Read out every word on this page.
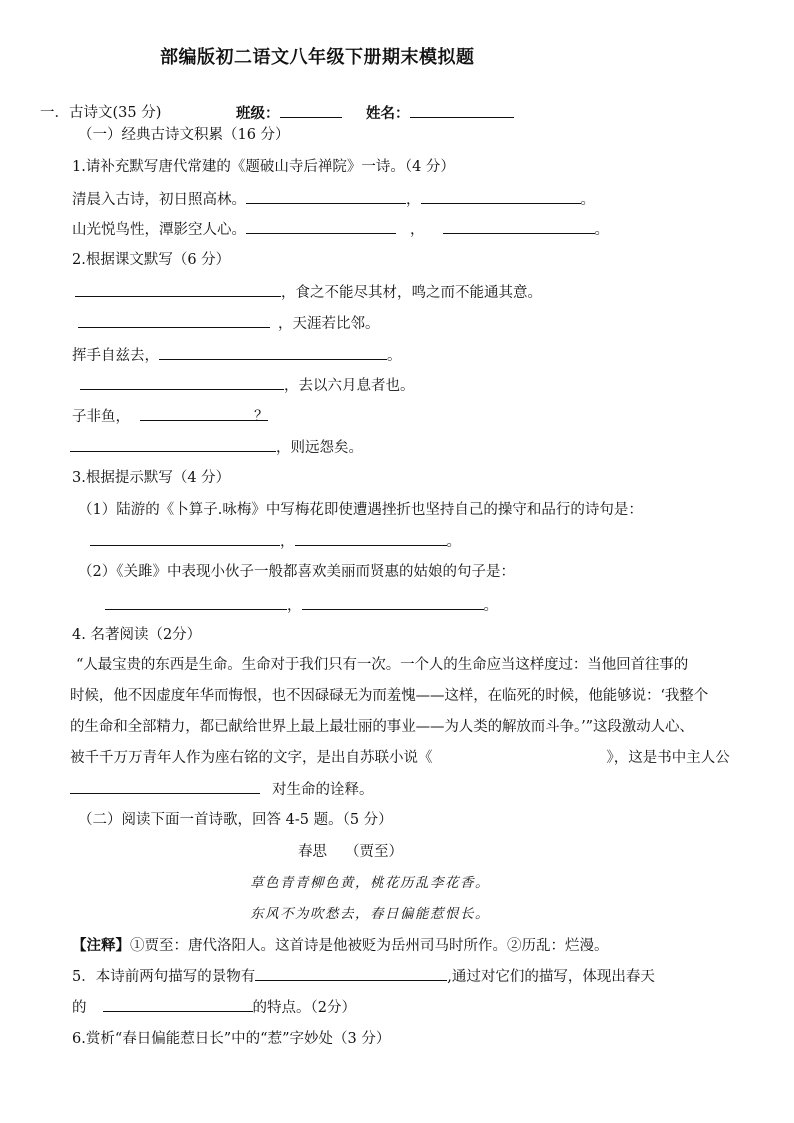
部编版初二语文八年级下册期末模拟题
一．古诗文(35 分)	班级：	姓名：
（一）经典古诗文积累（16 分）
1.请补充默写唐代常建的《题破山寺后禅院》一诗。（4 分）
清晨入古诗，初日照高林。	，	。
山光悦鸟性，潭影空人心。	，	。
2.根据课文默写（6 分）
，食之不能尽其材，鸣之而不能通其意。
，天涯若比邻。
挥手自兹去，	。
，去以六月息者也。
子非鱼，	？
，则远怨矣。
3.根据提示默写（4 分）
（1）陆游的《卜算子.咏梅》中写梅花即使遭遇挫折也坚持自己的操守和品行的诗句是：
，	。
（2）《关雎》中表现小伙子一般都喜欢美丽而贤惠的姑娘的句子是：
，	。
4. 名著阅读（2分）
“人最宝贵的东西是生命。生命对于我们只有一次。一个人的生命应当这样度过：当他回首往事的
时候，他不因虚度年华而悔恨，也不因碌碌无为而羞愧——这样，在临死的时候，他能够说：‘我整个
的生命和全部精力，都已献给世界上最上最壮丽的事业——为人类的解放而斗争。’”这段激动人心、
被千千万万青年人作为座右铭的文字，是出自苏联小说《	》，这是书中主人公
对生命的诠释。
（二）阅读下面一首诗歌，回答 4-5 题。（5 分）
春思 （贾至）
草色青青柳色黄，桃花历乱李花香。
东风不为吹愁去，春日偏能惹恨长。
【注释】①贾至：唐代洛阳人。这首诗是他被贬为岳州司马时所作。②历乱：烂漫。
5．本诗前两句描写的景物有	,通过对它们的描写，体现出春天
的	的特点。（2分）
6.赏析“春日偏能惹日长”中的“惹”字妙处（3 分）
